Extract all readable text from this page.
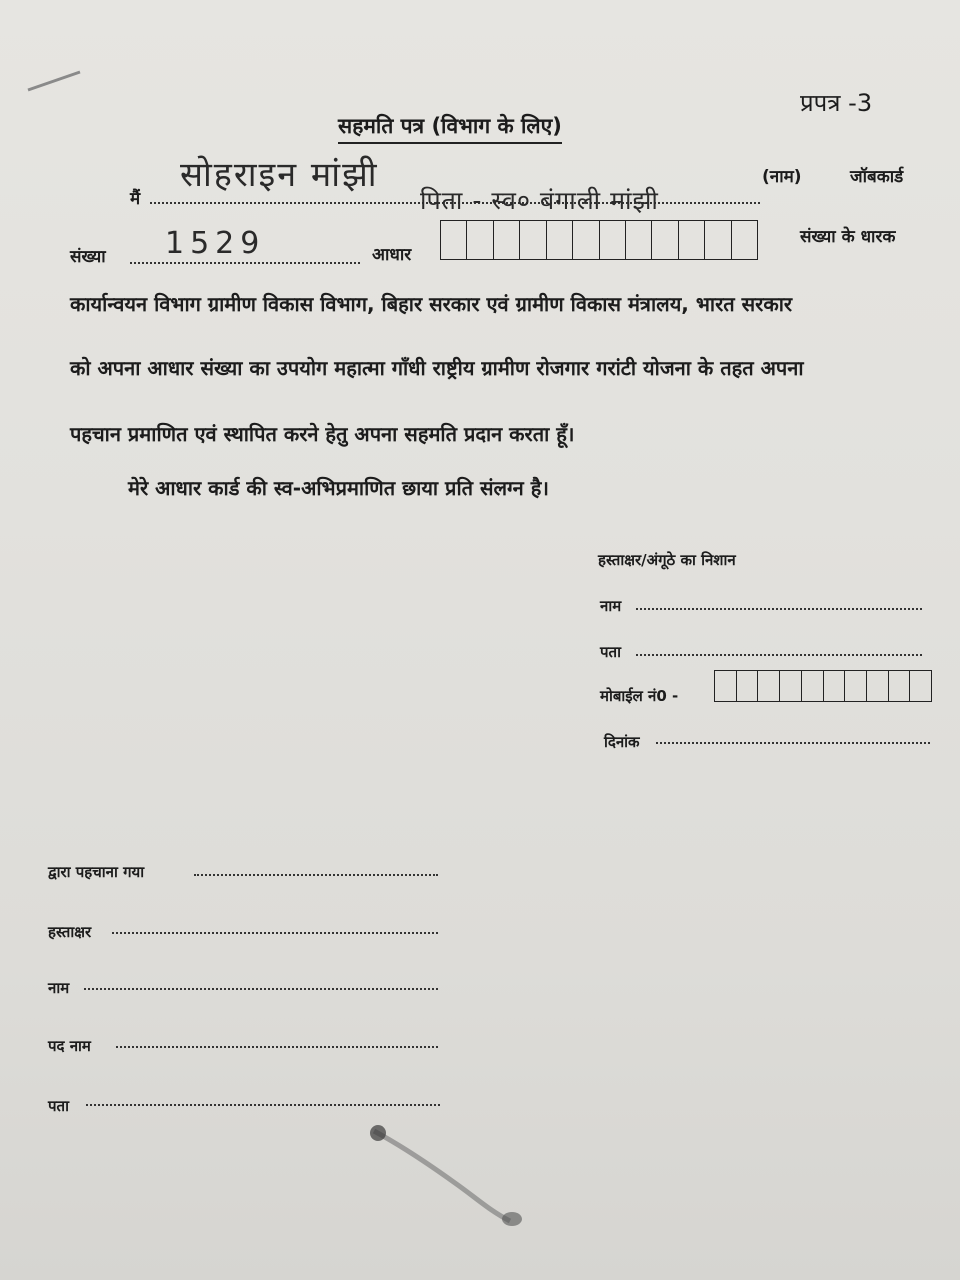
प्रपत्र -3
सहमति पत्र (विभाग के लिए)
मैं
सोहराइन मांझी
पिता - स्व० बंगाली मांझी
(नाम)	जॉबकार्ड
संख्या 1529	आधार
संख्या के धारक
कार्यान्वयन विभाग ग्रामीण विकास विभाग, बिहार सरकार एवं ग्रामीण विकास मंत्रालय, भारत सरकार
को अपना आधार संख्या का उपयोग महात्मा गाँधी राष्ट्रीय ग्रामीण रोजगार गरांटी योजना के तहत अपना
पहचान प्रमाणित एवं स्थापित करने हेतु अपना सहमति प्रदान करता हूँ।
मेरे आधार कार्ड की स्व-अभिप्रमाणित छाया प्रति संलग्न है।
हस्ताक्षर/अंगूठे का निशान
नाम
पता
मोबाईल नं0 -
दिनांक
द्वारा पहचाना गया
हस्ताक्षर
नाम
पद नाम
पता
